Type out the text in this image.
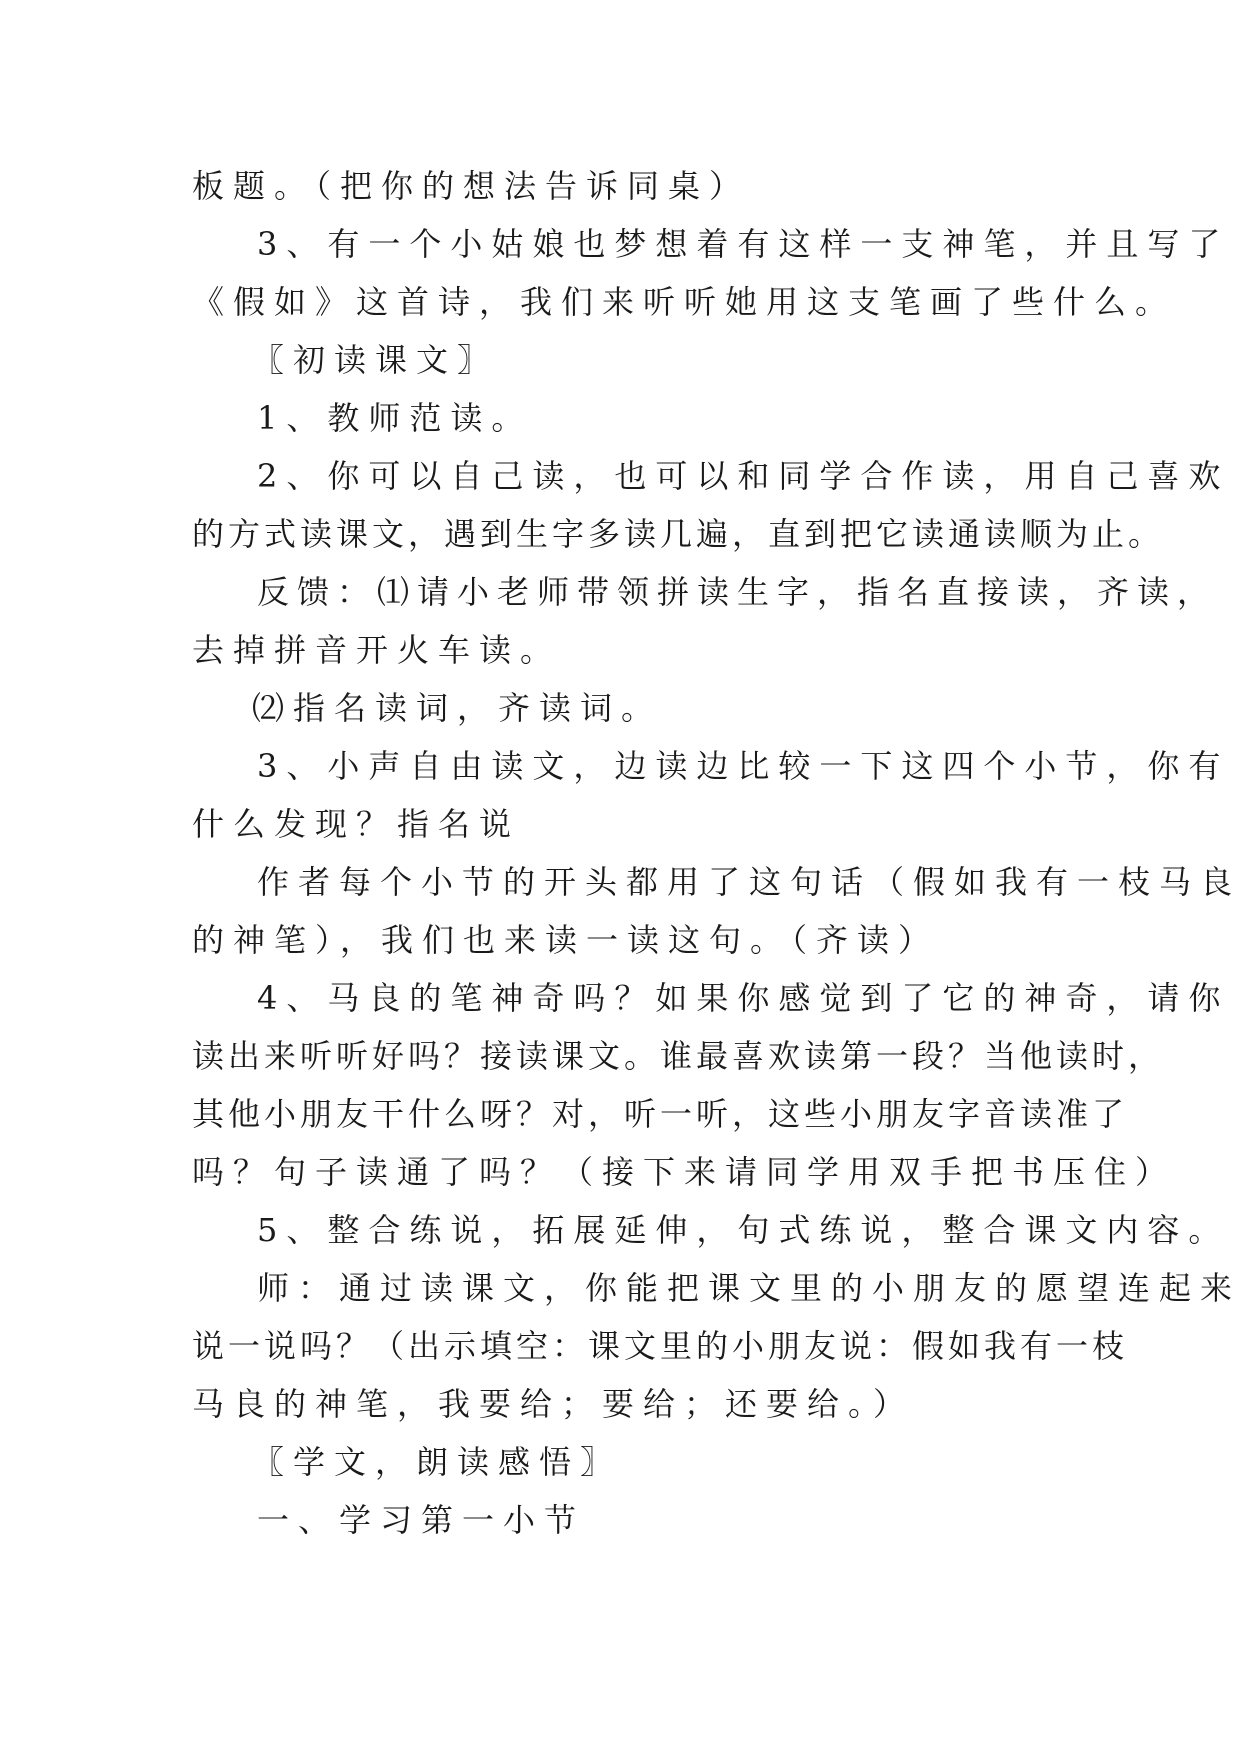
板题。（把你的想法告诉同桌）
3、有一个小姑娘也梦想着有这样一支神笔，并且写了
《假如》这首诗，我们来听听她用这支笔画了些什么。
〖初读课文〗
1、教师范读。
2、你可以自己读，也可以和同学合作读，用自己喜欢
的方式读课文，遇到生字多读几遍，直到把它读通读顺为止。
反馈：⑴请小老师带领拼读生字，指名直接读，齐读，
去掉拼音开火车读。
⑵指名读词，齐读词。
3、小声自由读文，边读边比较一下这四个小节，你有
什么发现？指名说
作者每个小节的开头都用了这句话（假如我有一枝马良
的神笔），我们也来读一读这句。（齐读）
4、马良的笔神奇吗？如果你感觉到了它的神奇，请你
读出来听听好吗？接读课文。谁最喜欢读第一段？当他读时，
其他小朋友干什么呀？对，听一听，这些小朋友字音读准了
吗？句子读通了吗？（接下来请同学用双手把书压住）
5、整合练说，拓展延伸，句式练说，整合课文内容。
师：通过读课文，你能把课文里的小朋友的愿望连起来
说一说吗？（出示填空：课文里的小朋友说：假如我有一枝
马良的神笔，我要给；要给；还要给。）
〖学文，朗读感悟〗
一、学习第一小节
